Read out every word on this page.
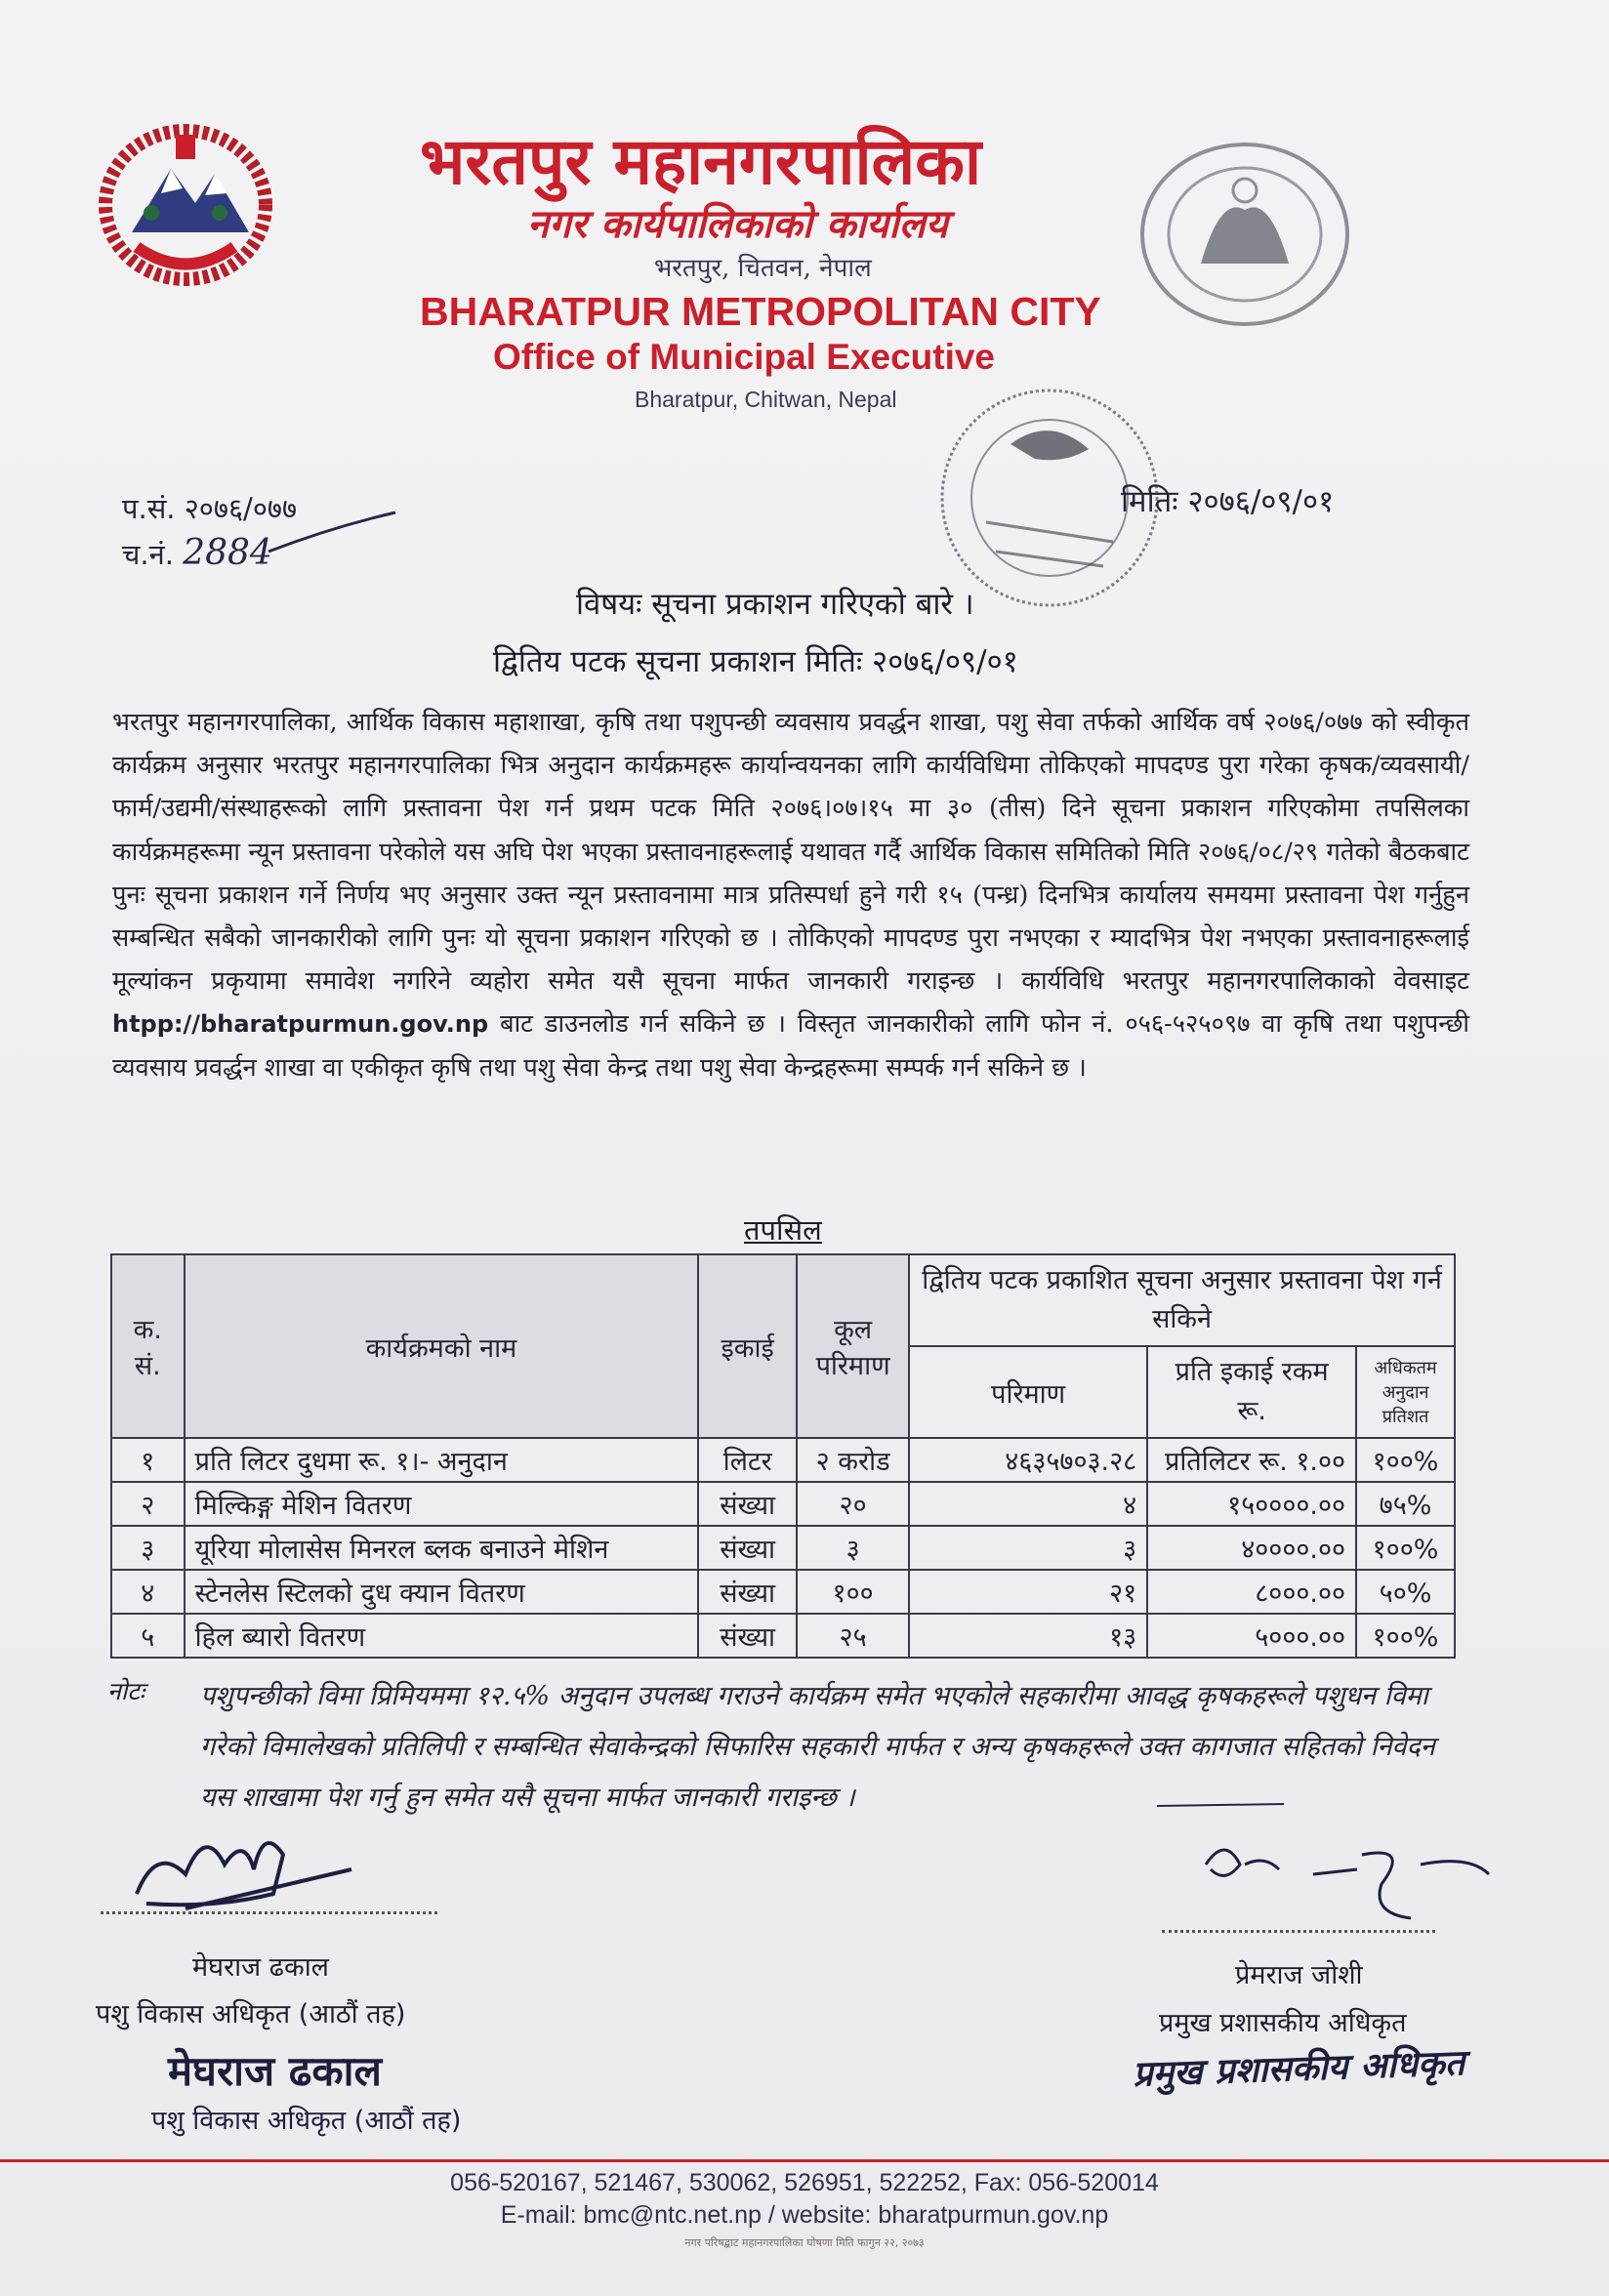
भरतपुर महानगरपालिका
नगर कार्यपालिकाको कार्यालय
भरतपुर, चितवन, नेपाल
BHARATPUR METROPOLITAN CITY
Office of Municipal Executive
Bharatpur, Chitwan, Nepal
प.सं. २०७६/०७७
च.नं. 2884
मितिः २०७६/०९/०१
विषयः सूचना प्रकाशन गरिएको बारे ।
द्वितिय पटक सूचना प्रकाशन मितिः २०७६/०९/०१
भरतपुर महानगरपालिका, आर्थिक विकास महाशाखा, कृषि तथा पशुपन्छी व्यवसाय प्रवर्द्धन शाखा, पशु सेवा तर्फको आर्थिक वर्ष २०७६/०७७ को स्वीकृत कार्यक्रम अनुसार भरतपुर महानगरपालिका भित्र अनुदान कार्यक्रमहरू कार्यान्वयनका लागि कार्यविधिमा तोकिएको मापदण्ड पुरा गरेका कृषक/व्यवसायी/फार्म/उद्यमी/संस्थाहरूको लागि प्रस्तावना पेश गर्न प्रथम पटक मिति २०७६।०७।१५ मा ३० (तीस) दिने सूचना प्रकाशन गरिएकोमा तपसिलका कार्यक्रमहरूमा न्यून प्रस्तावना परेकोले यस अघि पेश भएका प्रस्तावनाहरूलाई यथावत गर्दै आर्थिक विकास समितिको मिति २०७६/०८/२९ गतेको बैठकबाट पुनः सूचना प्रकाशन गर्ने निर्णय भए अनुसार उक्त न्यून प्रस्तावनामा मात्र प्रतिस्पर्धा हुने गरी १५ (पन्ध्र) दिनभित्र कार्यालय समयमा प्रस्तावना पेश गर्नुहुन सम्बन्धित सबैको जानकारीको लागि पुनः यो सूचना प्रकाशन गरिएको छ । तोकिएको मापदण्ड पुरा नभएका र म्यादभित्र पेश नभएका प्रस्तावनाहरूलाई मूल्यांकन प्रकृयामा समावेश नगरिने व्यहोरा समेत यसै सूचना मार्फत जानकारी गराइन्छ । कार्यविधि भरतपुर महानगरपालिकाको वेवसाइट htpp://bharatpurmun.gov.np बाट डाउनलोड गर्न सकिने छ । विस्तृत जानकारीको लागि फोन नं. ०५६-५२५०९७ वा कृषि तथा पशुपन्छी व्यवसाय प्रवर्द्धन शाखा वा एकीकृत कृषि तथा पशु सेवा केन्द्र तथा पशु सेवा केन्द्रहरूमा सम्पर्क गर्न सकिने छ ।
तपसिल
क. सं.	कार्यक्रमको नाम	इकाई	कूल परिमाण	द्वितिय पटक प्रकाशित सूचना अनुसार प्रस्तावना पेश गर्न सकिने		
				परिमाण	प्रति इकाई रकम रू.	अधिकतम अनुदान प्रतिशत
१	प्रति लिटर दुधमा रू. १।- अनुदान	लिटर	२ करोड	४६३५७०३.२८	प्रतिलिटर रू. १.००	१००%
२	मिल्किङ्ग मेशिन वितरण	संख्या	२०	४	१५००००.००	७५%
३	यूरिया मोलासेस मिनरल ब्लक बनाउने मेशिन	संख्या	३	३	४००००.००	१००%
४	स्टेनलेस स्टिलको दुध क्यान वितरण	संख्या	१००	२१	८०००.००	५०%
५	हिल ब्यारो वितरण	संख्या	२५	१३	५०००.००	१००%
नोटः पशुपन्छीको विमा प्रिमियममा १२.५% अनुदान उपलब्ध गराउने कार्यक्रम समेत भएकोले सहकारीमा आवद्ध कृषकहरूले पशुधन विमा गरेको विमालेखको प्रतिलिपी र सम्बन्धित सेवाकेन्द्रको सिफारिस सहकारी मार्फत र अन्य कृषकहरूले उक्त कागजात सहितको निवेदन यस शाखामा पेश गर्नु हुन समेत यसै सूचना मार्फत जानकारी गराइन्छ ।
मेघराज ढकाल
पशु विकास अधिकृत (आठौं तह)
प्रेमराज जोशी
प्रमुख प्रशासकीय अधिकृत
मेघराज ढकाल
पशु विकास अधिकृत (आठौं तह)
प्रमुख प्रशासकीय अधिकृत
056-520167, 521467, 530062, 526951, 522252, Fax: 056-520014
E-mail: bmc@ntc.net.np / website: bharatpurmun.gov.np
नगर परिषद्बाट महानगरपालिका घोषणा मिति फागुन २२, २०७३
